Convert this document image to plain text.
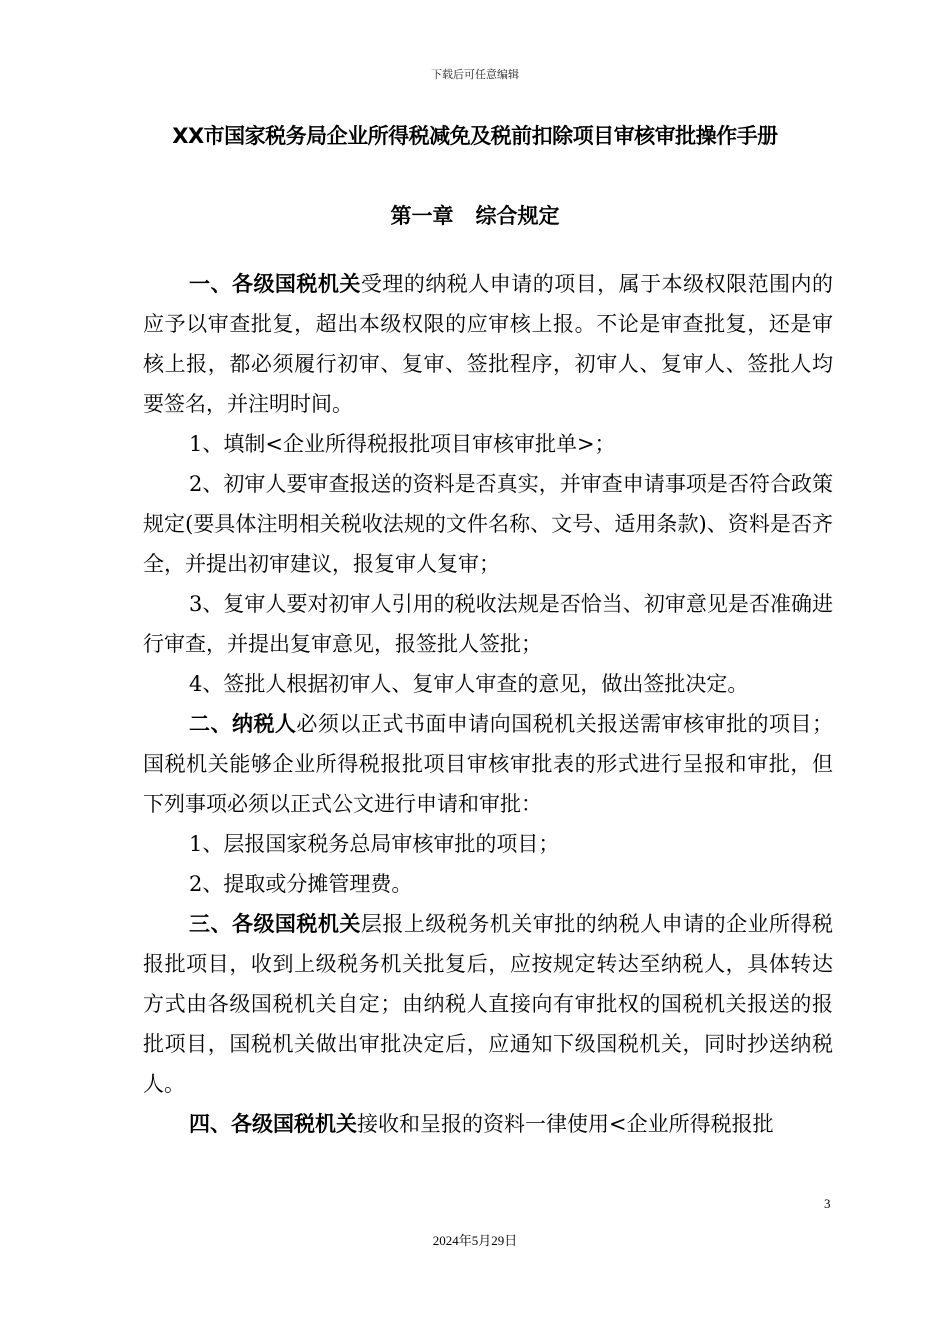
下载后可任意编辑
XX市国家税务局企业所得税减免及税前扣除项目审核审批操作手册
第一章 综合规定

一、各级国税机关受理的纳税人申请的项目，属于本级权限范围内的应予以审查批复，超出本级权限的应审核上报。不论是审查批复，还是审核上报，都必须履行初审、复审、签批程序，初审人、复审人、签批人均要签名，并注明时间。

1、填制<企业所得税报批项目审核审批单>；

2、初审人要审查报送的资料是否真实，并审查申请事项是否符合政策规定(要具体注明相关税收法规的文件名称、文号、适用条款)、资料是否齐全，并提出初审建议，报复审人复审；

3、复审人要对初审人引用的税收法规是否恰当、初审意见是否准确进行审查，并提出复审意见，报签批人签批；

4、签批人根据初审人、复审人审查的意见，做出签批决定。

二、纳税人必须以正式书面申请向国税机关报送需审核审批的项目；国税机关能够企业所得税报批项目审核审批表的形式进行呈报和审批，但下列事项必须以正式公文进行申请和审批：

1、层报国家税务总局审核审批的项目；

2、提取或分摊管理费。

三、各级国税机关层报上级税务机关审批的纳税人申请的企业所得税报批项目，收到上级税务机关批复后，应按规定转达至纳税人，具体转达方式由各级国税机关自定；由纳税人直接向有审批权的国税机关报送的报批项目，国税机关做出审批决定后，应通知下级国税机关，同时抄送纳税人。

四、各级国税机关接收和呈报的资料一律使用<企业所得税报批

3
2024年5月29日
